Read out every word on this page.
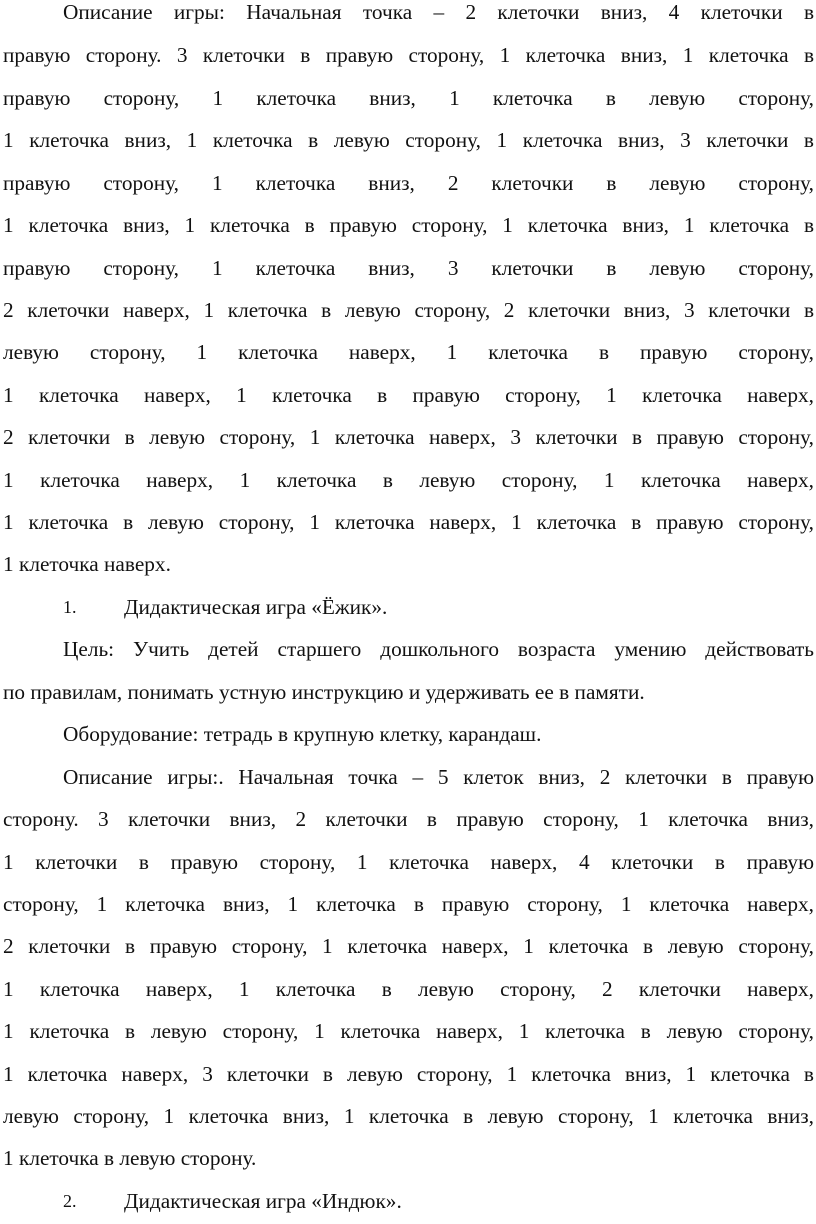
Описание игры: Начальная точка – 2 клеточки вниз, 4 клеточки в
правую сторону. 3 клеточки в правую сторону, 1 клеточка вниз, 1 клеточка в
правую сторону, 1 клеточка вниз, 1 клеточка в левую сторону,
1 клеточка вниз, 1 клеточка в левую сторону, 1 клеточка вниз, 3 клеточки в
правую сторону, 1 клеточка вниз, 2 клеточки в левую сторону,
1 клеточка вниз, 1 клеточка в правую сторону, 1 клеточка вниз, 1 клеточка в
правую сторону, 1 клеточка вниз, 3 клеточки в левую сторону,
2 клеточки наверх, 1 клеточка в левую сторону, 2 клеточки вниз, 3 клеточки в
левую сторону, 1 клеточка наверх, 1 клеточка в правую сторону,
1 клеточка наверх, 1 клеточка в правую сторону, 1 клеточка наверх,
2 клеточки в левую сторону, 1 клеточка наверх, 3 клеточки в правую сторону,
1 клеточка наверх, 1 клеточка в левую сторону, 1 клеточка наверх,
1 клеточка в левую сторону, 1 клеточка наверх, 1 клеточка в правую сторону,
1 клеточка наверх.
1. Дидактическая игра «Ёжик».
Цель: Учить детей старшего дошкольного возраста умению действовать
по правилам, понимать устную инструкцию и удерживать ее в памяти.
Оборудование: тетрадь в крупную клетку, карандаш.
Описание игры:. Начальная точка – 5 клеток вниз, 2 клеточки в правую
сторону. 3 клеточки вниз, 2 клеточки в правую сторону, 1 клеточка вниз,
1 клеточки в правую сторону, 1 клеточка наверх, 4 клеточки в правую
сторону, 1 клеточка вниз, 1 клеточка в правую сторону, 1 клеточка наверх,
2 клеточки в правую сторону, 1 клеточка наверх, 1 клеточка в левую сторону,
1 клеточка наверх, 1 клеточка в левую сторону, 2 клеточки наверх,
1 клеточка в левую сторону, 1 клеточка наверх, 1 клеточка в левую сторону,
1 клеточка наверх, 3 клеточки в левую сторону, 1 клеточка вниз, 1 клеточка в
левую сторону, 1 клеточка вниз, 1 клеточка в левую сторону, 1 клеточка вниз,
1 клеточка в левую сторону.
2. Дидактическая игра «Индюк».
